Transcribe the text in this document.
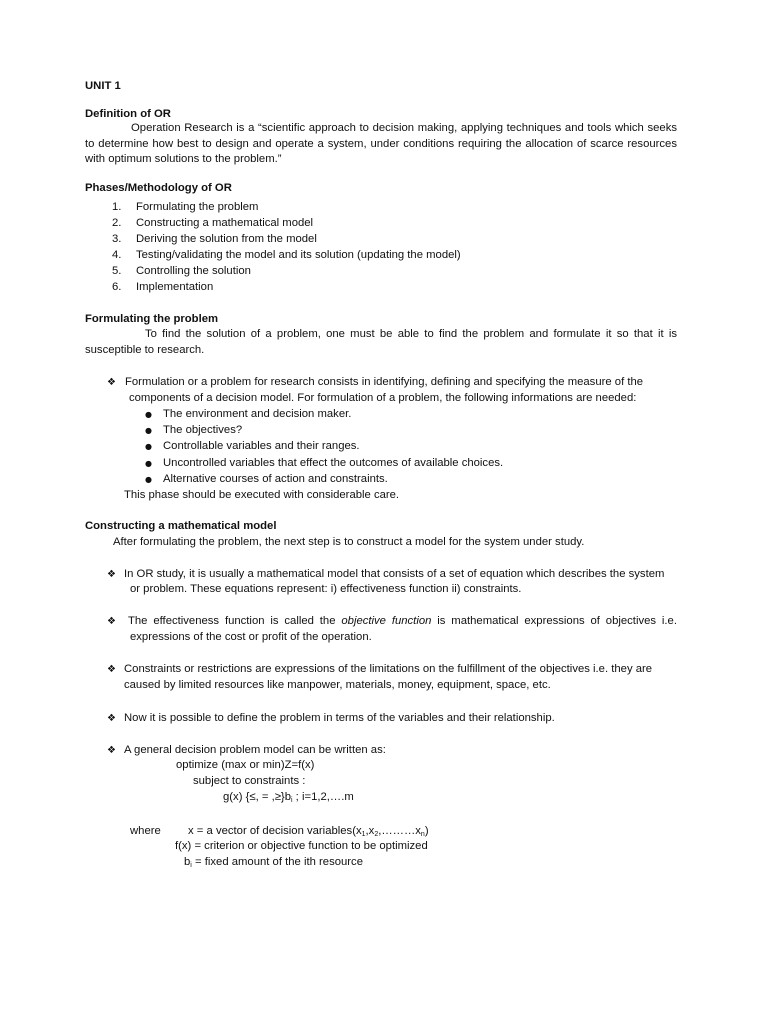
UNIT 1
Definition of OR
Operation Research is a “scientific approach to decision making, applying techniques and tools which seeks to determine how best to design and operate a system, under conditions requiring the allocation of scarce resources with optimum solutions to the problem.”
Phases/Methodology of OR
1.	Formulating the problem
2.	Constructing a mathematical model
3.	Deriving the solution from the model
4.	Testing/validating the model and its solution (updating the model)
5.	Controlling the solution
6.	Implementation
Formulating the problem
To find the solution of a problem, one must be able to find the problem and formulate it so that it is susceptible to research.
❖ Formulation or a problem for research consists in identifying, defining and specifying the measure of the
components of a decision model. For formulation of a problem, the following informations are needed:
● The environment and decision maker.
● The objectives?
● Controllable variables and their ranges.
● Uncontrolled variables that effect the outcomes of available choices.
● Alternative courses of action and constraints.
This phase should be executed with considerable care.
Constructing a mathematical model
After formulating the problem, the next step is to construct a model for the system under study.
❖ In OR study, it is usually a mathematical model that consists of a set of equation which describes the system
or problem. These equations represent: i) effectiveness function ii) constraints.
❖ The effectiveness function is called the objective function is mathematical expressions of objectives i.e.
expressions of the cost or profit of the operation.
❖ Constraints or restrictions are expressions of the limitations on the fulfillment of the objectives i.e. they are
caused by limited resources like manpower, materials, money, equipment, space, etc.
❖ Now it is possible to define the problem in terms of the variables and their relationship.
❖ A general decision problem model can be written as:
optimize (max or min)Z=f(x)
subject to constraints :
g(x) {≤, = $,\ge\}b_i$ ; i=1,2,….m
where x = a vector of decision $variables(x_1,x_2,\dots\dots\dots x_n)$
f(x) = criterion or objective function to be optimized
$b_i$ = fixed amount of the ith resource
